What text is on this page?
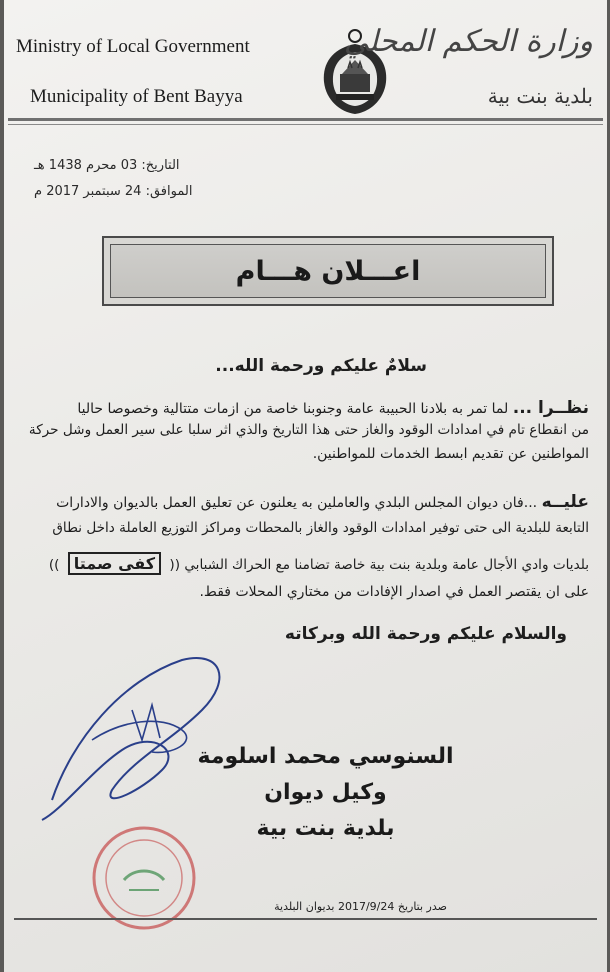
Ministry of Local Government
Municipality of Bent Bayya
وزارة الحكم المحلي
بلدية بنت بية
التاريخ: 03 محرم 1438 هـ
الموافق: 24 سبتمبر 2017 م
اعـــلان هـــام
سلامٌ عليكم ورحمة الله...
نظــرا ... لما تمر به بلادنا الحبيبة عامة وجنوبنا خاصة من ازمات متتالية وخصوصا حاليا
من انقطاع تام في امدادات الوقود والغاز حتى هذا التاريخ والذي اثر سلبا على سير العمل وشل حركة
المواطنين عن تقديم ابسط الخدمات للمواطنين.
عليــه ...فان ديوان المجلس البلدي والعاملين به يعلنون عن تعليق العمل بالديوان والادارات
التابعة للبلدية الى حتى توفير امدادات الوقود والغاز بالمحطات ومراكز التوزيع العاملة داخل نطاق
بلديات وادي الأجال عامة وبلدية بنت بية خاصة تضامنا مع الحراك الشبابي (( كفى صمتا ))
على ان يقتصر العمل في اصدار الإفادات من مختاري المحلات فقط.
والسلام عليكم ورحمة الله وبركاته
السنوسي محمد اسلومة
وكيل ديوان
بلدية بنت بية
صدر بتاريخ 2017/9/24 بديوان البلدية
